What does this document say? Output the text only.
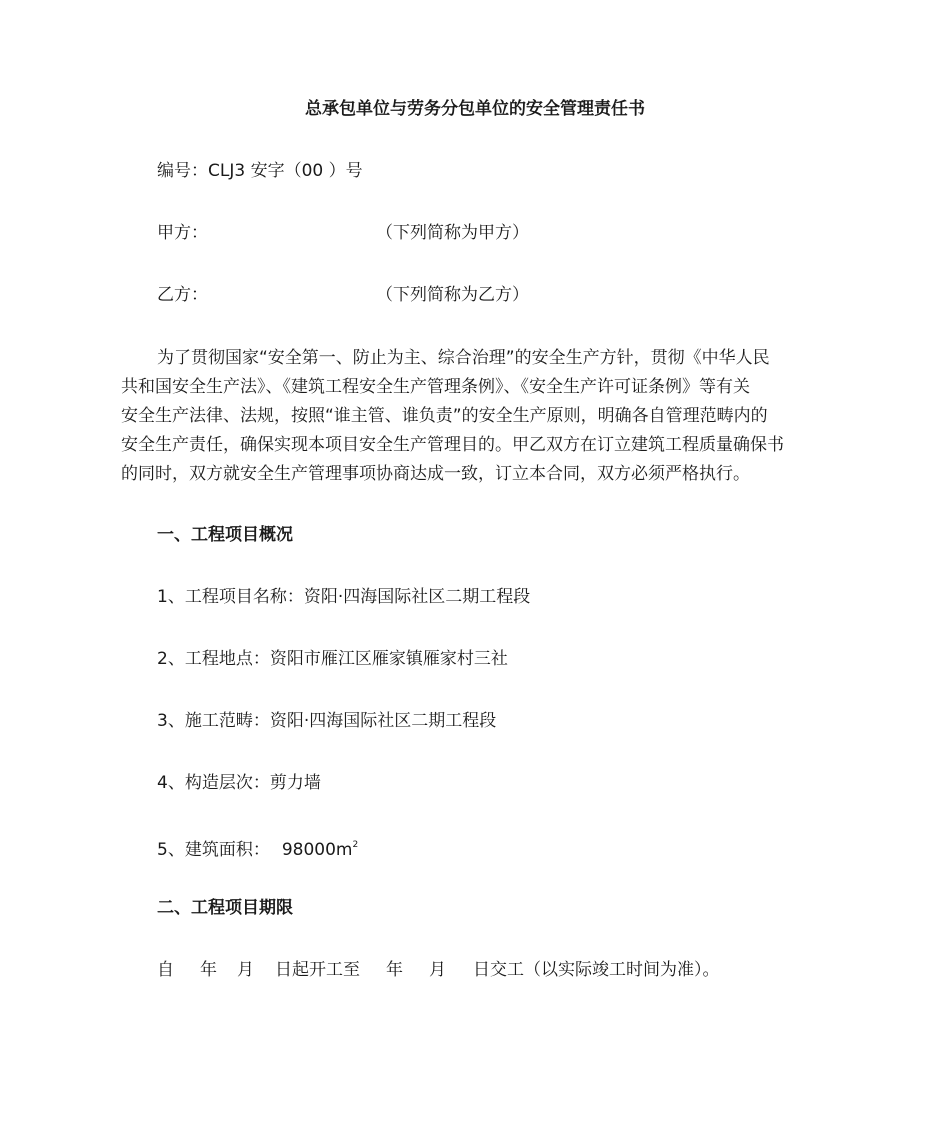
总承包单位与劳务分包单位的安全管理责任书
编号：CLJ3 安字（00 ）号
甲方：	（下列简称为甲方）
乙方：	（下列简称为乙方）
为了贯彻国家“安全第一、防止为主、综合治理”的安全生产方针，贯彻《中华人民
共和国安全生产法》、《建筑工程安全生产管理条例》、《安全生产许可证条例》等有关
安全生产法律、法规，按照“谁主管、谁负责”的安全生产原则，明确各自管理范畴内的
安全生产责任，确保实现本项目安全生产管理目的。甲乙双方在订立建筑工程质量确保书
的同时，双方就安全生产管理事项协商达成一致，订立本合同，双方必须严格执行。
一、工程项目概况
1、工程项目名称：资阳·四海国际社区二期工程段
2、工程地点：资阳市雁江区雁家镇雁家村三社
3、施工范畴：资阳·四海国际社区二期工程段
4、构造层次：剪力墙
5、建筑面积： $98000m^2$
二、工程项目期限
自 年 月 日起开工至 年 月 日交工（以实际竣工时间为准）。
